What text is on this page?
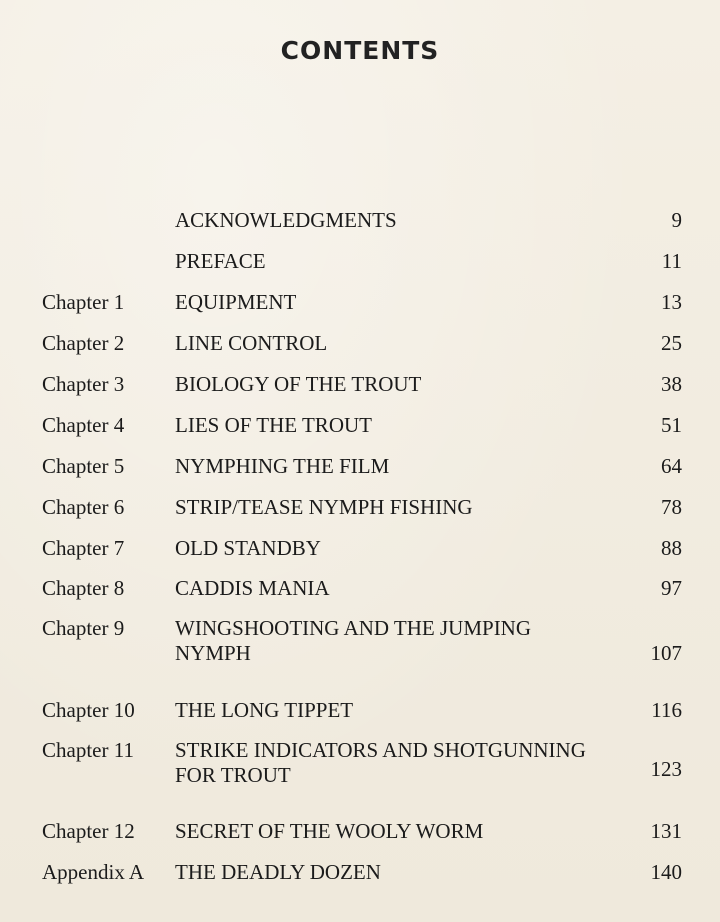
CONTENTS
ACKNOWLEDGMENTS	9
PREFACE	11
Chapter 1 EQUIPMENT	13
Chapter 2 LINE CONTROL	25
Chapter 3 BIOLOGY OF THE TROUT	38
Chapter 4 LIES OF THE TROUT	51
Chapter 5 NYMPHING THE FILM	64
Chapter 6 STRIP/TEASE NYMPH FISHING	78
Chapter 7 OLD STANDBY	88
Chapter 8 CADDIS MANIA	97
Chapter 9 WINGSHOOTING AND THE JUMPING
NYMPH	107
Chapter 10 THE LONG TIPPET	116
Chapter 11 STRIKE INDICATORS AND SHOTGUNNING
FOR TROUT	123
Chapter 12 SECRET OF THE WOOLY WORM	131
Appendix A THE DEADLY DOZEN	140
